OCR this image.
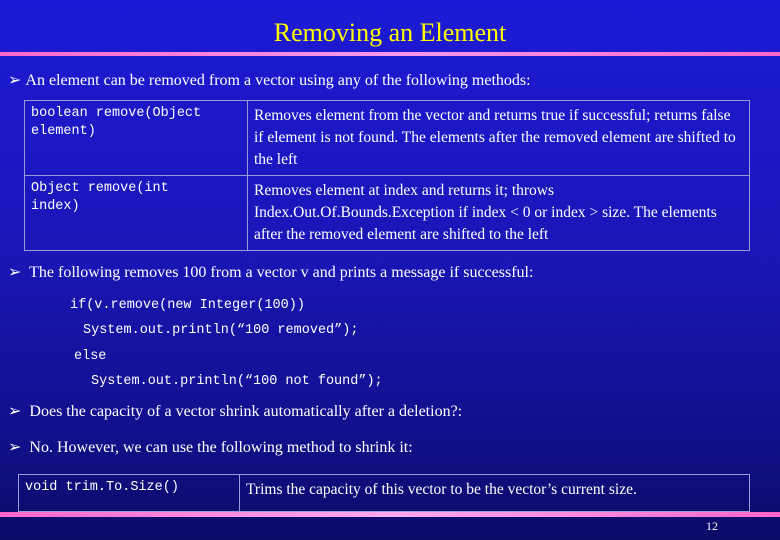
Removing an Element
➢ An element can be removed from a vector using any of the following methods:
boolean remove(Object
element)	Removes element from the vector and returns true if successful; returns false if element is not found. The elements after the removed element are shifted to the left

Object remove(int
index)	Removes element at index and returns it; throws Index.Out.Of.Bounds.Exception if index < 0 or index > size. The elements after the removed element are shifted to the left
➢ The following removes 100 from a vector v and prints a message if successful:
if(v.remove(new Integer(100))
System.out.println(“100 removed”);
else
System.out.println(“100 not found”);
➢ Does the capacity of a vector shrink automatically after a deletion?:
➢ No. However, we can use the following method to shrink it:
void trim.To.Size()	Trims the capacity of this vector to be the vector’s current size.
12
